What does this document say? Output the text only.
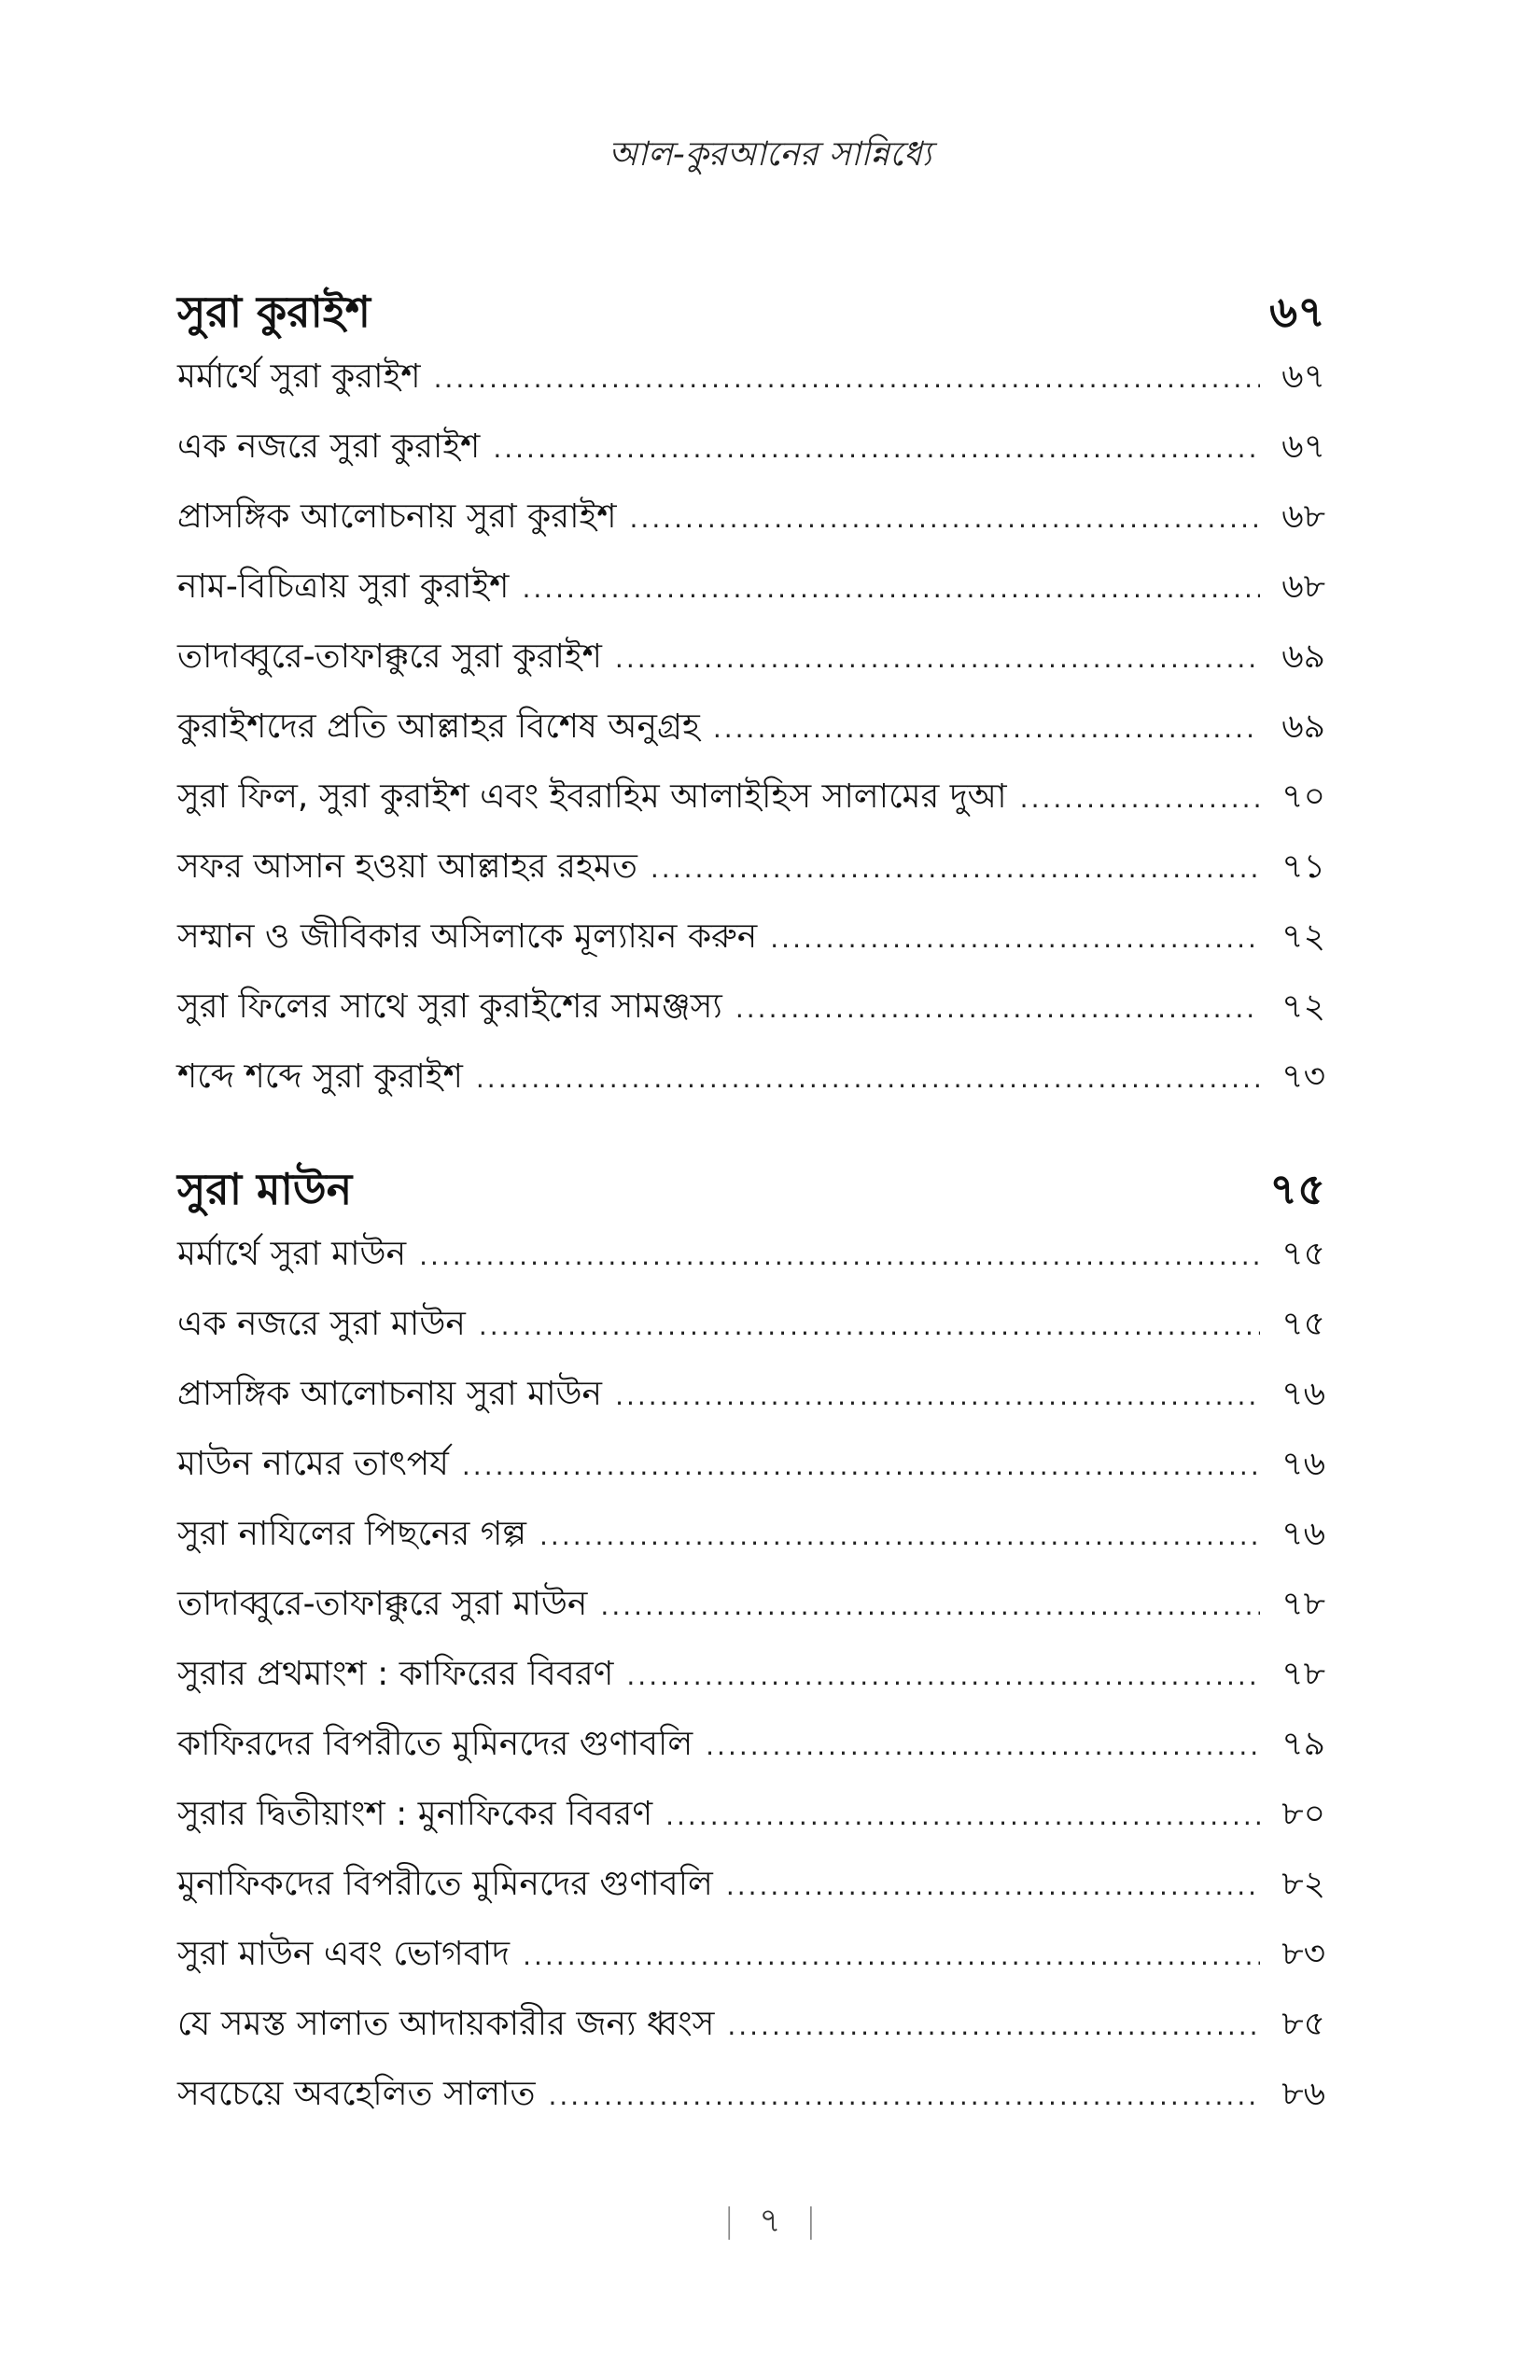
আল-কুরআনের সান্নিধ্যে
সুরা কুরাইশ	৬৭
মর্মার্থে সুরা কুরাইশ .....	৬৭
এক নজরে সুরা কুরাইশ .....	৬৭
প্রাসঙ্গিক আলোচনায় সুরা কুরাইশ .....	৬৮
নাম-বিচিত্রায় সুরা কুরাইশ .....	৬৮
তাদাব্বুরে-তাফাক্কুরে সুরা কুরাইশ .....	৬৯
কুরাইশদের প্রতি আল্লাহর বিশেষ অনুগ্রহ .....	৬৯
সুরা ফিল, সুরা কুরাইশ এবং ইবরাহিম আলাইহিস সালামের দুআ .....	৭০
সফর আসান হওয়া আল্লাহর রহমত .....	৭১
সম্মান ও জীবিকার অসিলাকে মূল্যায়ন করুন .....	৭২
সুরা ফিলের সাথে সুরা কুরাইশের সামঞ্জস্য .....	৭২
শব্দে শব্দে সুরা কুরাইশ .....	৭৩
সুরা মাউন	৭৫
মর্মার্থে সুরা মাউন .....	৭৫
এক নজরে সুরা মাউন .....	৭৫
প্রাসঙ্গিক আলোচনায় সুরা মাউন .....	৭৬
মাউন নামের তাৎপর্য .....	৭৬
সুরা নাযিলের পিছনের গল্প .....	৭৬
তাদাব্বুরে-তাফাক্কুরে সুরা মাউন .....	৭৮
সুরার প্রথমাংশ : কাফিরের বিবরণ .....	৭৮
কাফিরদের বিপরীতে মুমিনদের গুণাবলি .....	৭৯
সুরার দ্বিতীয়াংশ : মুনাফিকের বিবরণ .....	৮০
মুনাফিকদের বিপরীতে মুমিনদের গুণাবলি .....	৮২
সুরা মাউন এবং ভোগবাদ .....	৮৩
যে সমস্ত সালাত আদায়কারীর জন্য ধ্বংস .....	৮৫
সবচেয়ে অবহেলিত সালাত .....	৮৬
| ৭ |
